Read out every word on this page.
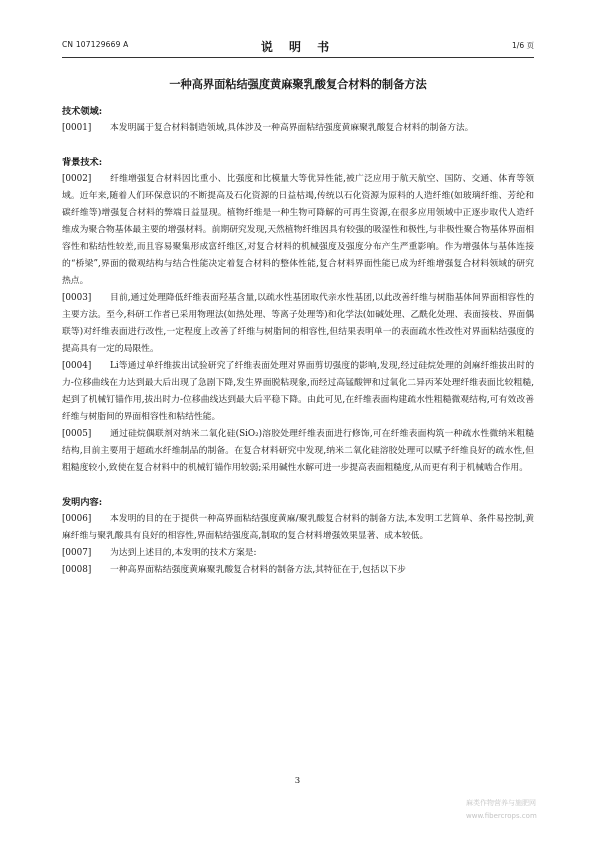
CN 107129669 A	说 明 书	1/6 页
一种高界面粘结强度黄麻聚乳酸复合材料的制备方法
技术领域:
[0001] 本发明属于复合材料制造领域,具体涉及一种高界面粘结强度黄麻聚乳酸复合材料的制备方法。
背景技术:
[0002] 纤维增强复合材料因比重小、比强度和比模量大等优异性能,被广泛应用于航天航空、国防、交通、体育等领域。近年来,随着人们环保意识的不断提高及石化资源的日益枯竭,传统以石化资源为原料的人造纤维(如玻璃纤维、芳纶和碳纤维等)增强复合材料的弊端日益显现。植物纤维是一种生物可降解的可再生资源,在很多应用领域中正逐步取代人造纤维成为聚合物基体最主要的增强材料。前期研究发现,天然植物纤维因具有较强的吸湿性和极性,与非极性聚合物基体界面相容性和粘结性较差,而且容易聚集形成富纤维区,对复合材料的机械强度及强度分布产生严重影响。作为增强体与基体连接的“桥梁”,界面的微观结构与结合性能决定着复合材料的整体性能,复合材料界面性能已成为纤维增强复合材料领域的研究热点。
[0003] 目前,通过处理降低纤维表面羟基含量,以疏水性基团取代亲水性基团,以此改善纤维与树脂基体间界面相容性的主要方法。至今,科研工作者已采用物理法(如热处理、等离子处理等)和化学法(如碱处理、乙酰化处理、表面接枝、界面偶联等)对纤维表面进行改性,一定程度上改善了纤维与树脂间的相容性,但结果表明单一的表面疏水性改性对界面粘结强度的提高具有一定的局限性。
[0004] Li等通过单纤维拔出试验研究了纤维表面处理对界面剪切强度的影响,发现,经过硅烷处理的剑麻纤维拔出时的力-位移曲线在力达到最大后出现了急剧下降,发生界面脱粘现象,而经过高锰酸钾和过氧化二异丙苯处理纤维表面比较粗糙,起到了机械钉锚作用,拔出时力-位移曲线达到最大后平稳下降。由此可见,在纤维表面构建疏水性粗糙微观结构,可有效改善纤维与树脂间的界面相容性和粘结性能。
[0005] 通过硅烷偶联剂对纳米二氧化硅(SiO₂)溶胶处理纤维表面进行修饰,可在纤维表面构筑一种疏水性微纳米粗糙结构,目前主要用于超疏水纤维制品的制备。在复合材料研究中发现,纳米二氧化硅溶胶处理可以赋予纤维良好的疏水性,但粗糙度较小,致使在复合材料中的机械钉锚作用较弱;采用碱性水解可进一步提高表面粗糙度,从而更有利于机械啮合作用。
发明内容:
[0006] 本发明的目的在于提供一种高界面粘结强度黄麻/聚乳酸复合材料的制备方法,本发明工艺简单、条件易控制,黄麻纤维与聚乳酸具有良好的相容性,界面粘结强度高,制取的复合材料增强效果显著、成本较低。
[0007] 为达到上述目的,本发明的技术方案是:
[0008] 一种高界面粘结强度黄麻聚乳酸复合材料的制备方法,其特征在于,包括以下步
3
麻类作物营养与施肥网
www.fibercrops.com
